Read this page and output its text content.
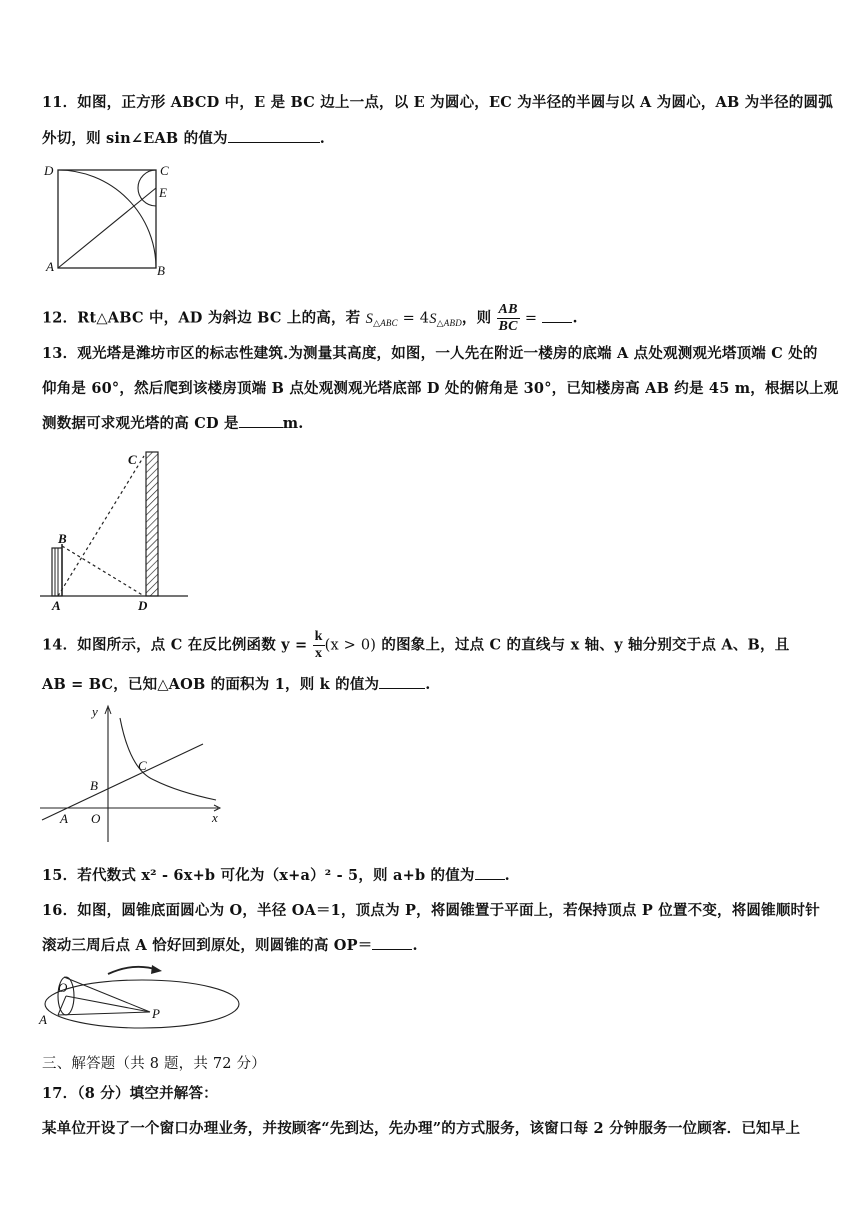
11．如图，正方形 ABCD 中，E 是 BC 边上一点，以 E 为圆心，EC 为半径的半圆与以 A 为圆心，AB 为半径的圆弧
外切，则 sin∠EAB 的值为	.
D	C
E
A	B
12．Rt△ABC 中，AD 为斜边 BC 上的高，若 $S_{\triangle ABC} = 4S_{\triangle ABD}$，则 $\frac{AB}{BC}$ = .
13．观光塔是潍坊市区的标志性建筑.为测量其高度，如图，一人先在附近一楼房的底端 A 点处观测观光塔顶端 C 处的
仰角是 60°，然后爬到该楼房顶端 B 点处观测观光塔底部 D 处的俯角是 30°，已知楼房高 AB 约是 45 m，根据以上观
测数据可求观光塔的高 CD 是	m.
C
B
A	D
14．如图所示，点 C 在反比例函数 $y = \frac{k}{x} (x > 0)$ 的图象上，过点 C 的直线与 x 轴、y 轴分别交于点 A、B，且
AB = BC，已知△AOB 的面积为 1，则 k 的值为	.
y
x
C
B
A O
15．若代数式 x² - 6x+b 可化为（x+a）² - 5，则 a+b 的值为 .
16．如图，圆锥底面圆心为 O，半径 OA＝1，顶点为 P，将圆锥置于平面上，若保持顶点 P 位置不变，将圆锥顺时针
滚动三周后点 A 恰好回到原处，则圆锥的高 OP＝	.
O
A	P
三、解答题（共 8 题，共 72 分）
17．（8 分）填空并解答：
某单位开设了一个窗口办理业务，并按顾客“先到达，先办理”的方式服务，该窗口每 2 分钟服务一位顾客．已知早上
